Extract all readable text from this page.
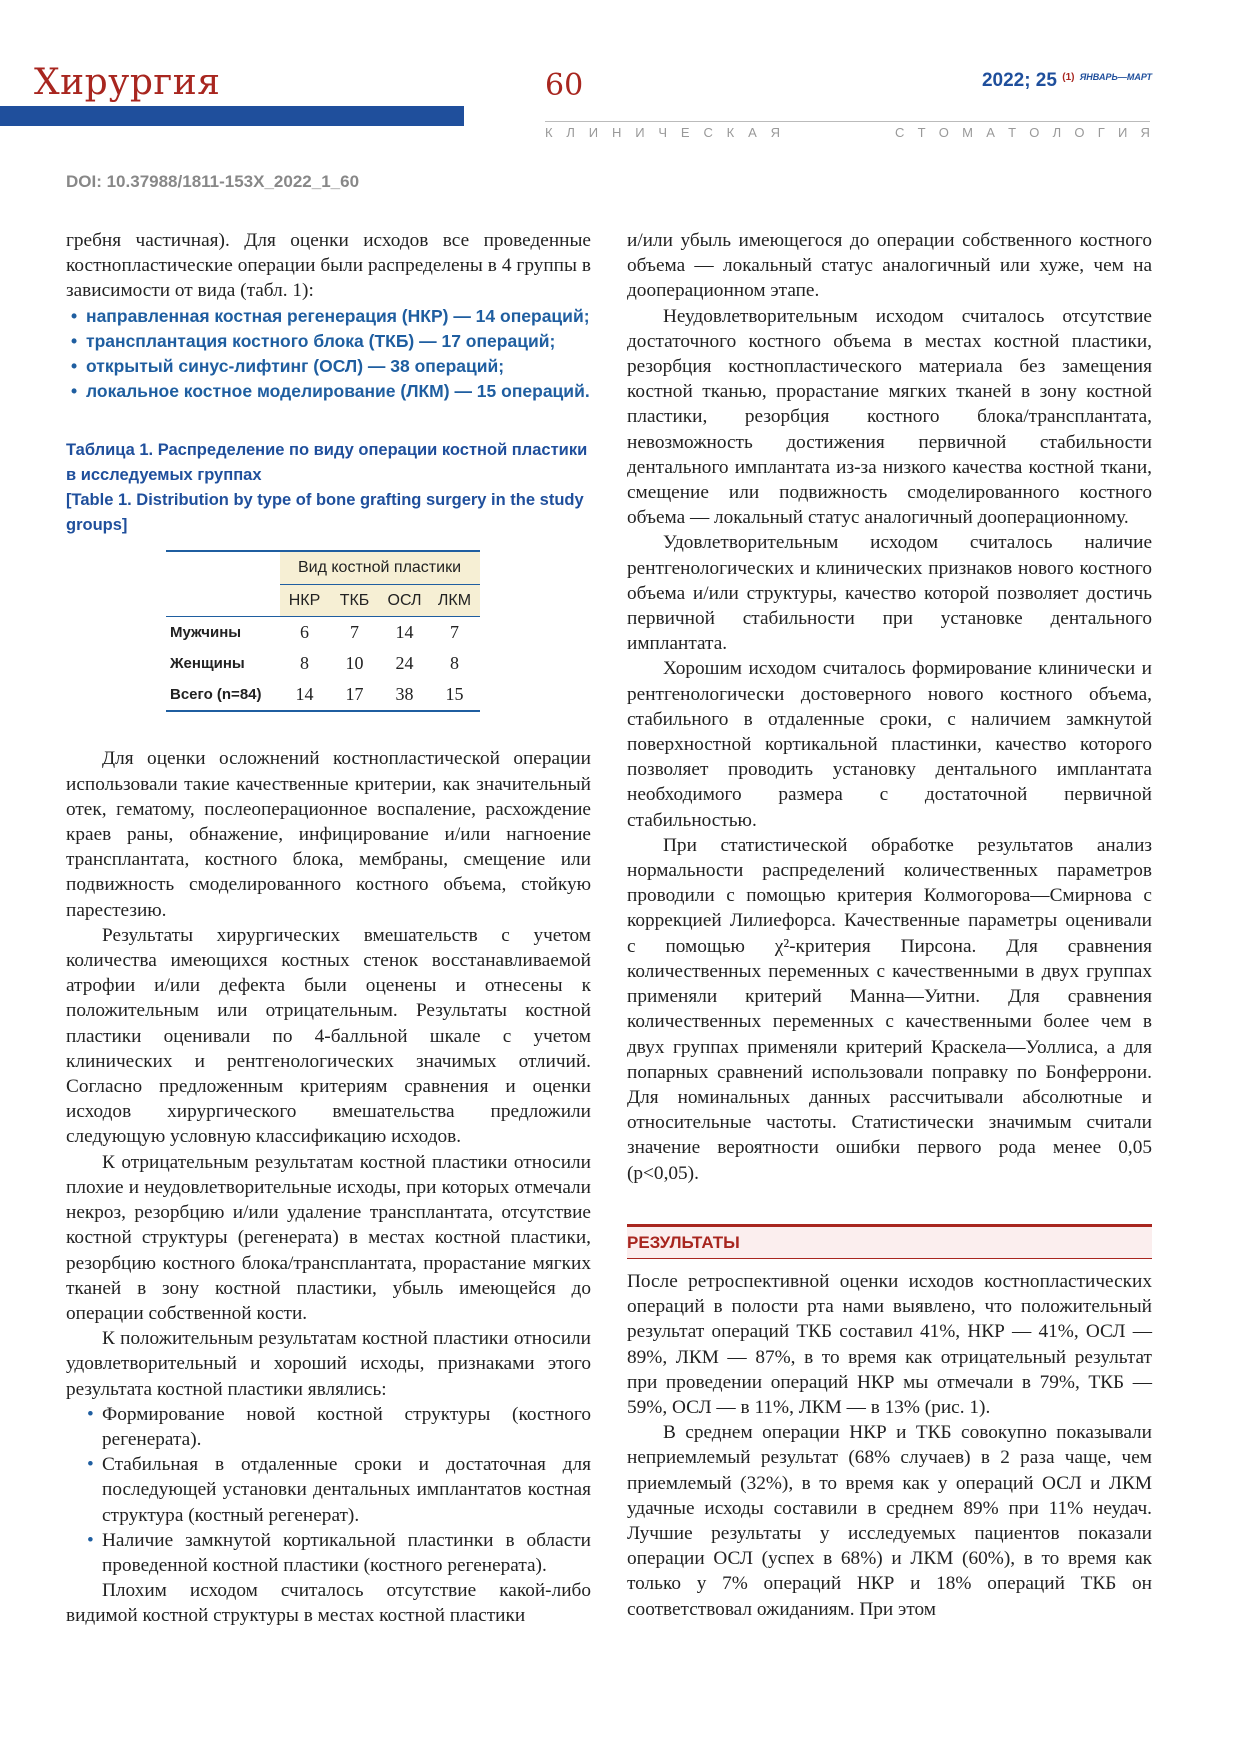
Хирургия	60	2022; 25 $^{(1)}$ $^{ЯНВАРЬ—МАРТ}$
К Л И Н И Ч Е С К А Я	С Т О М А Т О Л О Г И Я
DOI: 10.37988/1811-153X_2022_1_60

гребня частичная). Для оценки исходов все проведенные костнопластические операции были распределены в 4 группы в зависимости от вида (табл. 1):

• направленная костная регенерация (НКР) — 14 операций;
• трансплантация костного блока (ТКБ) — 17 операций;
• открытый синус-лифтинг (ОСЛ) — 38 операций;
• локальное костное моделирование (ЛКМ) — 15 операций.
Таблица 1. Распределение по виду операции костной пластики в исследуемых группах
[Table 1. Distribution by type of bone grafting surgery in the study groups]
	Вид костной пластики			
	НКР	ТКБ	ОСЛ	ЛКМ
Мужчины	6	7	14	7
Женщины	8	10	24	8
Всего (n=84)	14	17	38	15

Для оценки осложнений костнопластической операции использовали такие качественные критерии, как значительный отек, гематому, послеоперационное воспаление, расхождение краев раны, обнажение, инфицирование и/или нагноение трансплантата, костного блока, мембраны, смещение или подвижность смоделированного костного объема, стойкую парестезию.

Результаты хирургических вмешательств с учетом количества имеющихся костных стенок восстанавливаемой атрофии и/или дефекта были оценены и отнесены к положительным или отрицательным. Результаты костной пластики оценивали по 4-балльной шкале с учетом клинических и рентгенологических значимых отличий. Согласно предложенным критериям сравнения и оценки исходов хирургического вмешательства предложили следующую условную классификацию исходов.

К отрицательным результатам костной пластики относили плохие и неудовлетворительные исходы, при которых отмечали некроз, резорбцию и/или удаление трансплантата, отсутствие костной структуры (регенерата) в местах костной пластики, резорбцию костного блока/трансплантата, прорастание мягких тканей в зону костной пластики, убыль имеющейся до операции собственной кости.

К положительным результатам костной пластики относили удовлетворительный и хороший исходы, признаками этого результата костной пластики являлись:

• Формирование новой костной структуры (костного регенерата).
• Стабильная в отдаленные сроки и достаточная для последующей установки дентальных имплантатов костная структура (костный регенерат).
• Наличие замкнутой кортикальной пластинки в области проведенной костной пластики (костного регенерата).

Плохим исходом считалось отсутствие какой-либо видимой костной структуры в местах костной пластики

и/или убыль имеющегося до операции собственного костного объема — локальный статус аналогичный или хуже, чем на дооперационном этапе.

Неудовлетворительным исходом считалось отсутствие достаточного костного объема в местах костной пластики, резорбция костнопластического материала без замещения костной тканью, прорастание мягких тканей в зону костной пластики, резорбция костного блока/трансплантата, невозможность достижения первичной стабильности дентального имплантата из-за низкого качества костной ткани, смещение или подвижность смоделированного костного объема — локальный статус аналогичный дооперационному.

Удовлетворительным исходом считалось наличие рентгенологических и клинических признаков нового костного объема и/или структуры, качество которой позволяет достичь первичной стабильности при установке дентального имплантата.

Хорошим исходом считалось формирование клинически и рентгенологически достоверного нового костного объема, стабильного в отдаленные сроки, с наличием замкнутой поверхностной кортикальной пластинки, качество которого позволяет проводить установку дентального имплантата необходимого размера с достаточной первичной стабильностью.

При статистической обработке результатов анализ нормальности распределений количественных параметров проводили с помощью критерия Колмогорова—Смирнова с коррекцией Лилиефорса. Качественные параметры оценивали с помощью χ²-критерия Пирсона. Для сравнения количественных переменных с качественными в двух группах применяли критерий Манна—Уитни. Для сравнения количественных переменных с качественными более чем в двух группах применяли критерий Краскела—Уоллиса, а для попарных сравнений использовали поправку по Бонферрони. Для номинальных данных рассчитывали абсолютные и относительные частоты. Статистически значимым считали значение вероятности ошибки первого рода менее 0,05 (p<0,05).

РЕЗУЛЬТАТЫ

После ретроспективной оценки исходов костнопластических операций в полости рта нами выявлено, что положительный результат операций ТКБ составил 41%, НКР — 41%, ОСЛ — 89%, ЛКМ — 87%, в то время как отрицательный результат при проведении операций НКР мы отмечали в 79%, ТКБ — 59%, ОСЛ — в 11%, ЛКМ — в 13% (рис. 1).

В среднем операции НКР и ТКБ совокупно показывали неприемлемый результат (68% случаев) в 2 раза чаще, чем приемлемый (32%), в то время как у операций ОСЛ и ЛКМ удачные исходы составили в среднем 89% при 11% неудач. Лучшие результаты у исследуемых пациентов показали операции ОСЛ (успех в 68%) и ЛКМ (60%), в то время как только у 7% операций НКР и 18% операций ТКБ он соответствовал ожиданиям. При этом
